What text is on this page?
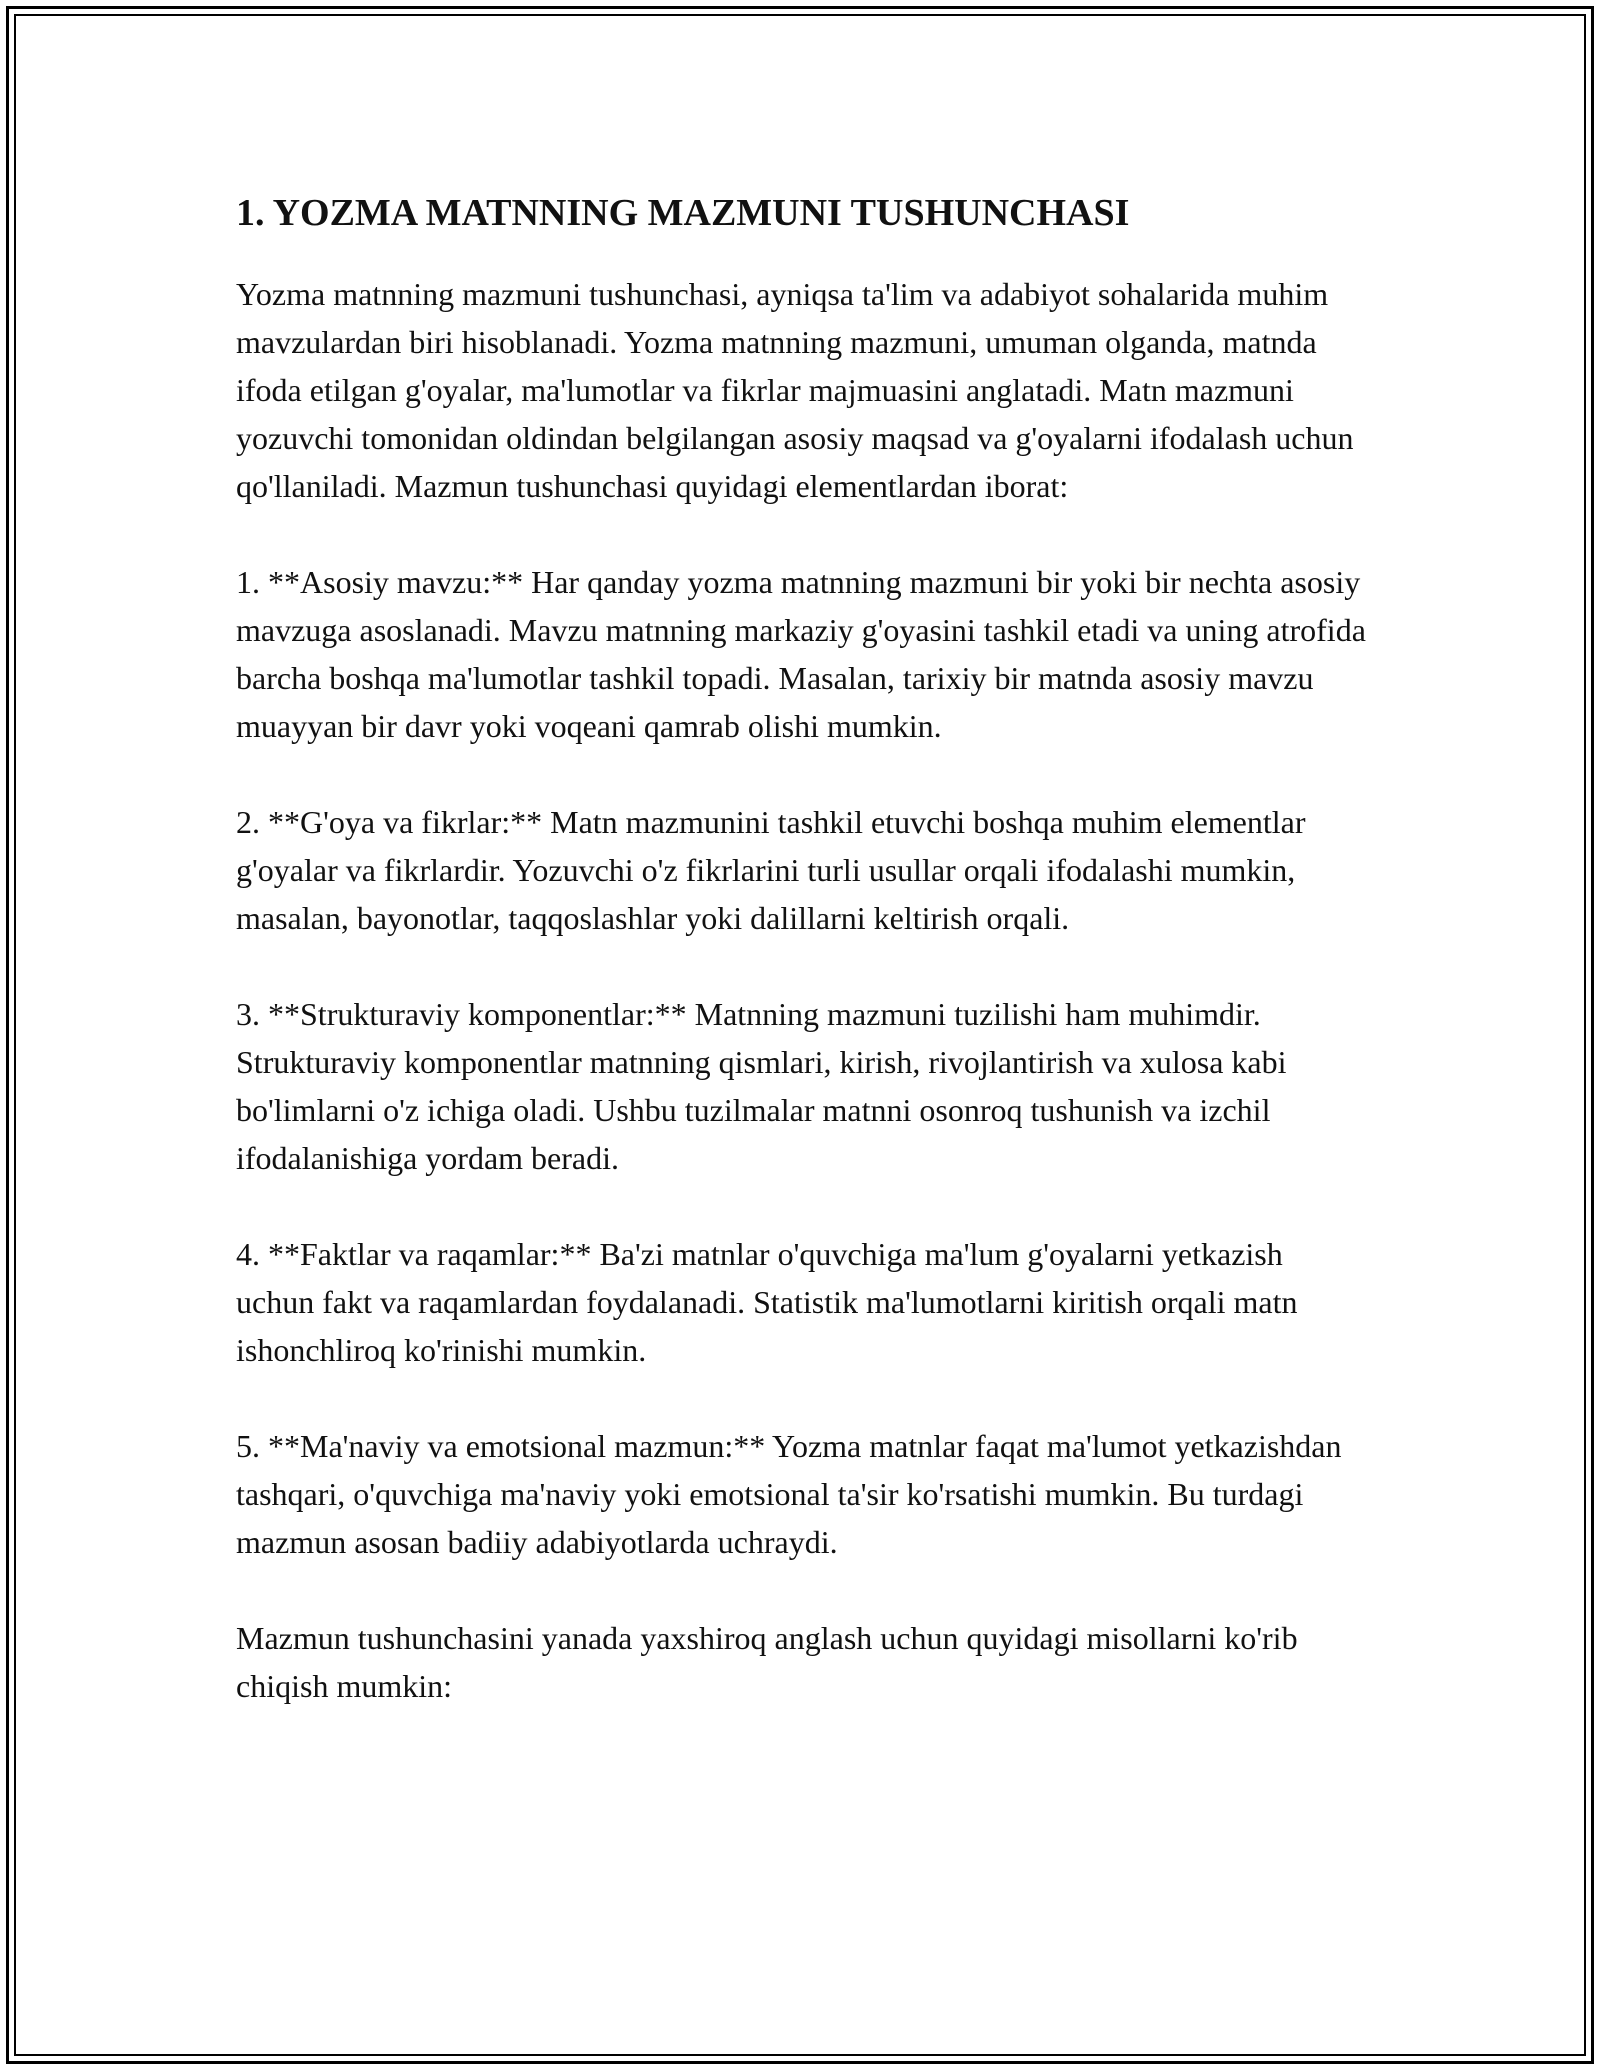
1. YOZMA MATNNING MAZMUNI TUSHUNCHASI

Yozma matnning mazmuni tushunchasi, ayniqsa ta'lim va adabiyot sohalarida muhim mavzulardan biri hisoblanadi. Yozma matnning mazmuni, umuman olganda, matnda ifoda etilgan g'oyalar, ma'lumotlar va fikrlar majmuasini anglatadi. Matn mazmuni yozuvchi tomonidan oldindan belgilangan asosiy maqsad va g'oyalarni ifodalash uchun qo'llaniladi. Mazmun tushunchasi quyidagi elementlardan iborat:

1. **Asosiy mavzu:** Har qanday yozma matnning mazmuni bir yoki bir nechta asosiy mavzuga asoslanadi. Mavzu matnning markaziy g'oyasini tashkil etadi va uning atrofida barcha boshqa ma'lumotlar tashkil topadi. Masalan, tarixiy bir matnda asosiy mavzu muayyan bir davr yoki voqeani qamrab olishi mumkin.

2. **G'oya va fikrlar:** Matn mazmunini tashkil etuvchi boshqa muhim elementlar g'oyalar va fikrlardir. Yozuvchi o'z fikrlarini turli usullar orqali ifodalashi mumkin, masalan, bayonotlar, taqqoslashlar yoki dalillarni keltirish orqali.

3. **Strukturaviy komponentlar:** Matnning mazmuni tuzilishi ham muhimdir. Strukturaviy komponentlar matnning qismlari, kirish, rivojlantirish va xulosa kabi bo'limlarni o'z ichiga oladi. Ushbu tuzilmalar matnni osonroq tushunish va izchil ifodalanishiga yordam beradi.

4. **Faktlar va raqamlar:** Ba'zi matnlar o'quvchiga ma'lum g'oyalarni yetkazish uchun fakt va raqamlardan foydalanadi. Statistik ma'lumotlarni kiritish orqali matn ishonchliroq ko'rinishi mumkin.

5. **Ma'naviy va emotsional mazmun:** Yozma matnlar faqat ma'lumot yetkazishdan tashqari, o'quvchiga ma'naviy yoki emotsional ta'sir ko'rsatishi mumkin. Bu turdagi mazmun asosan badiiy adabiyotlarda uchraydi.

Mazmun tushunchasini yanada yaxshiroq anglash uchun quyidagi misollarni ko'rib chiqish mumkin:
